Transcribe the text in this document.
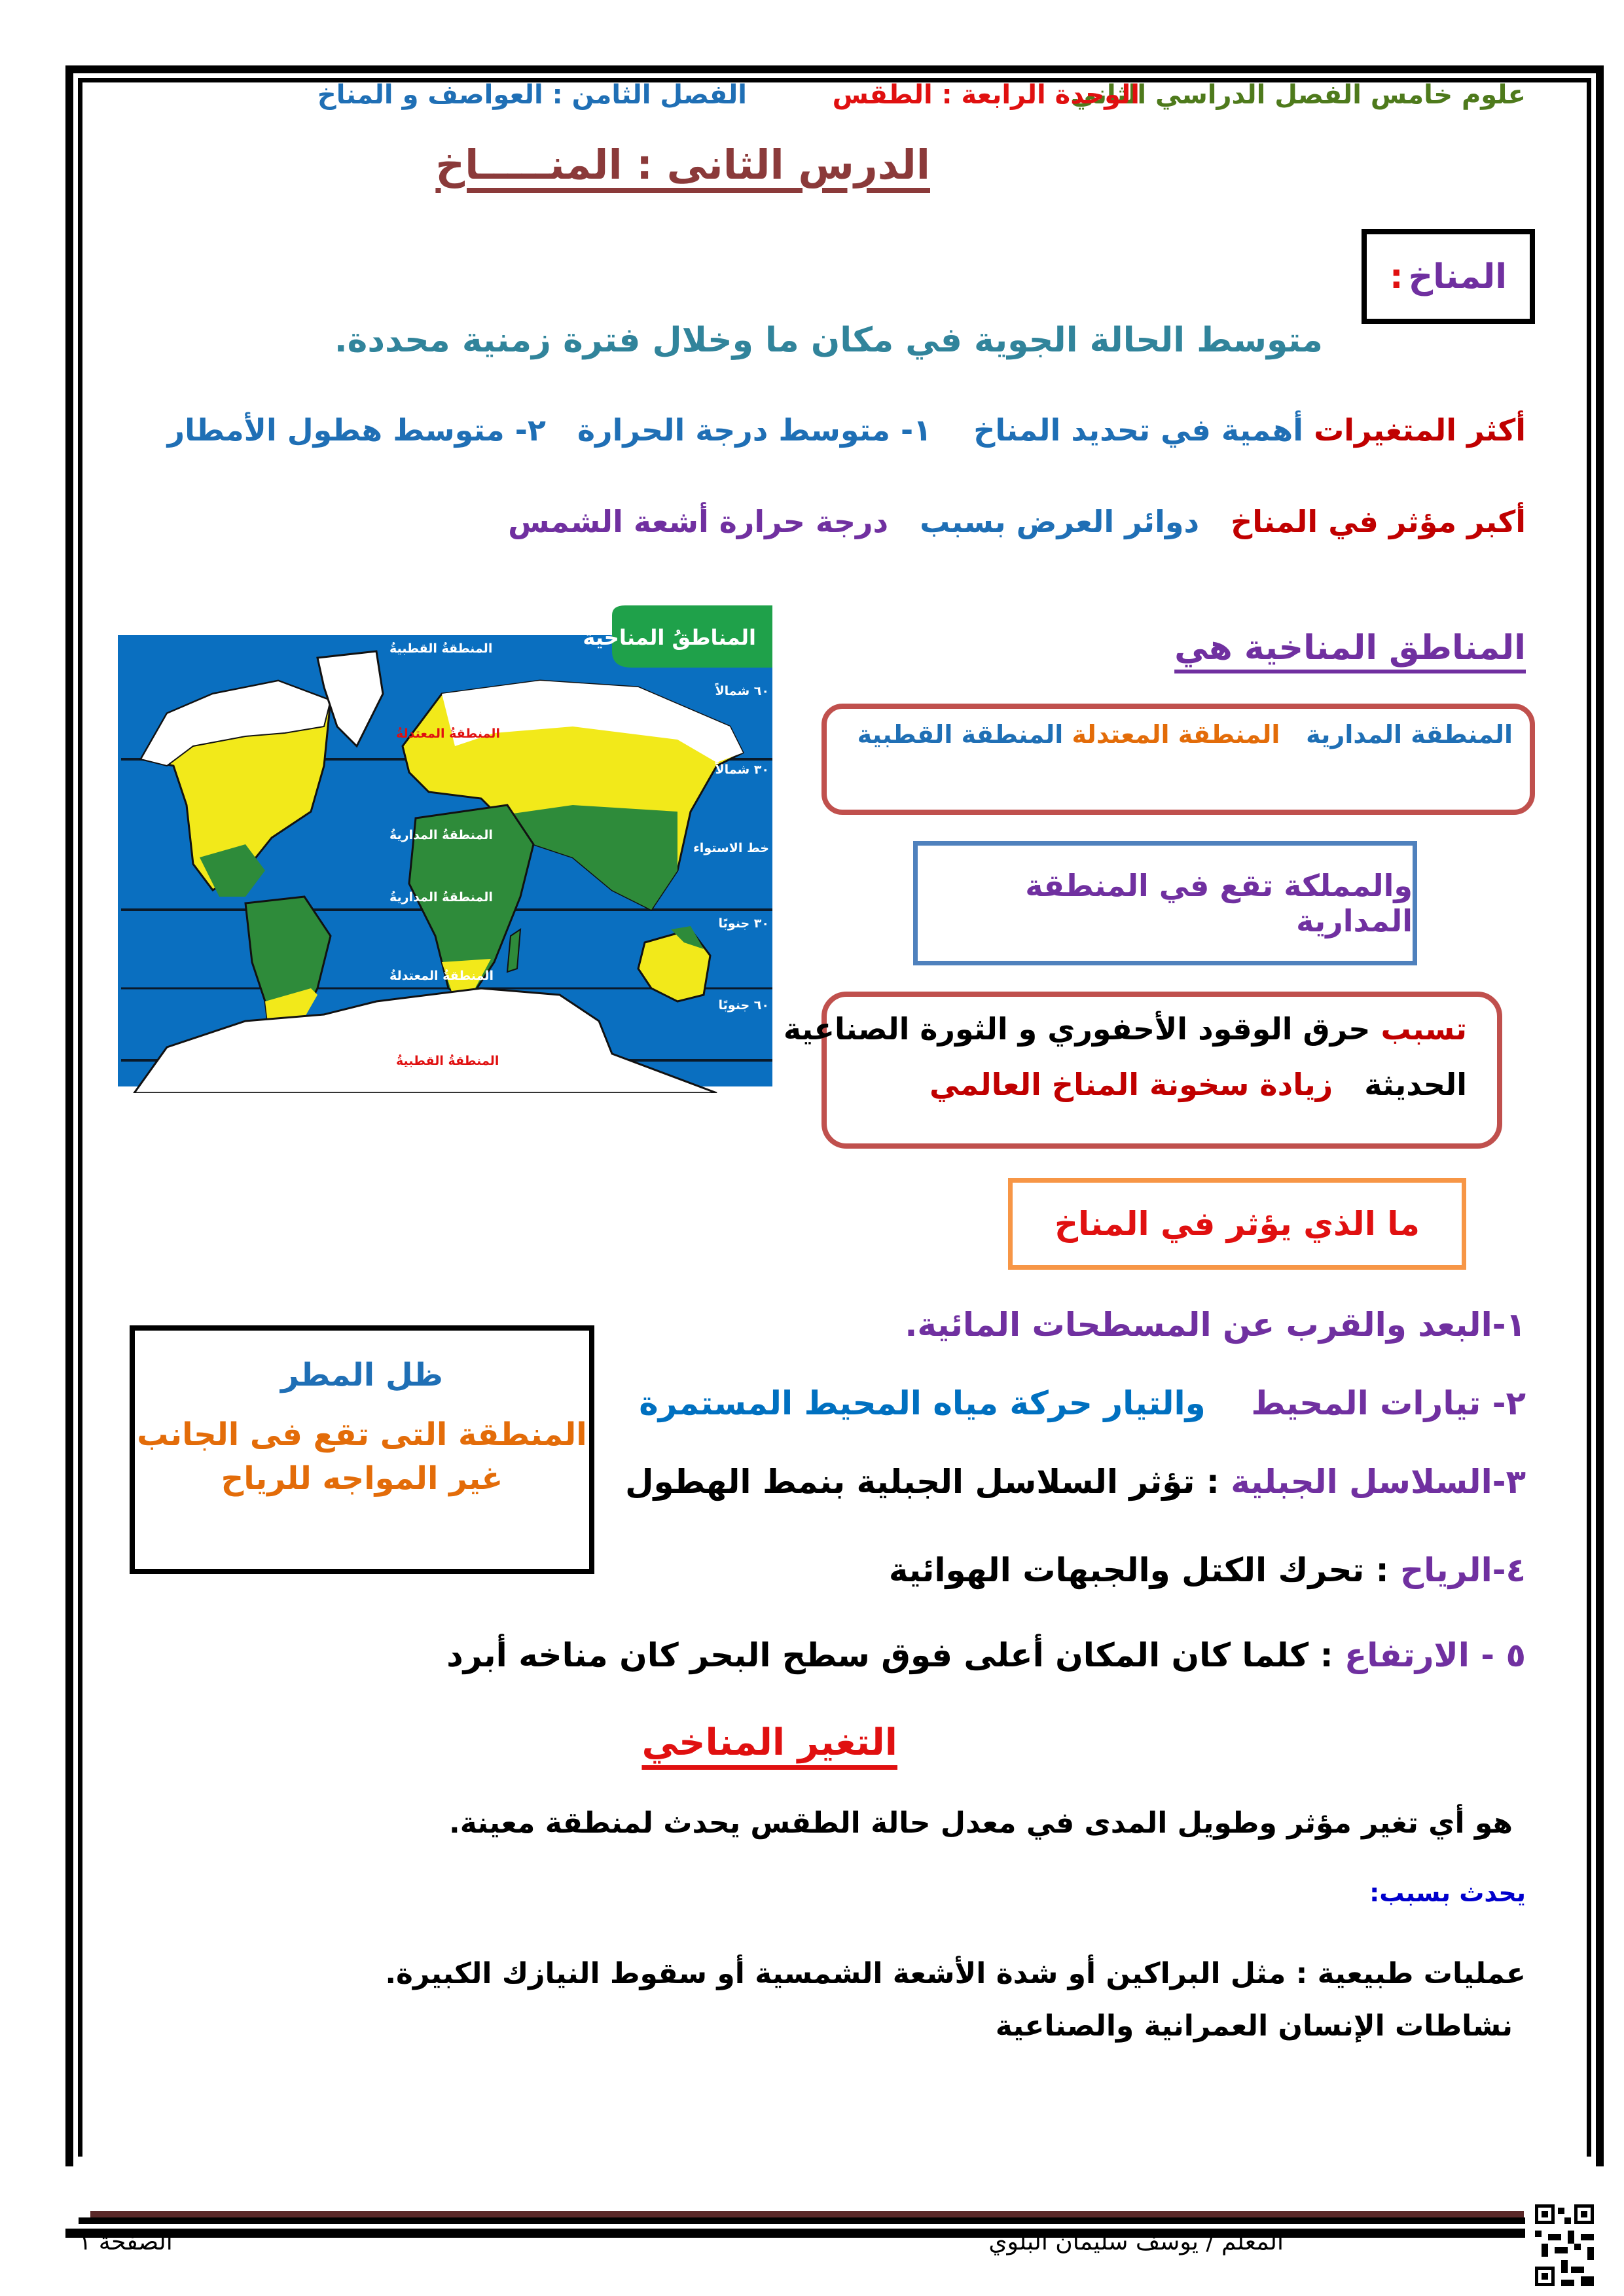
علوم خامس الفصل الدراسي الثاني
الوحدة الرابعة : الطقس
الفصل الثامن : العواصف و المناخ
الدرس الثانى : المنـــــاخ
المناخ
:
متوسط الحالة الجوية في مكان ما وخلال فترة زمنية محددة.
أكثر المتغيرات أهمية في تحديد المناخ    ١- متوسط درجة الحرارة   ٢- متوسط هطول الأمطار
أكبر مؤثر في المناخ   دوائر العرض بسبب   درجة حرارة أشعة الشمس
المناطق المناخية هي
المنطقة المدارية   المنطقة المعتدلة المنطقة القطبية
والمملكة تقع في المنطقة المدارية
تسبب حرق الوقود الأحفوري و الثورة الصناعية
الحديثة   زيادة سخونة المناخ العالمي
المناطقُ المناخيةُ
المنطقةُ القطبيةُ
المنطقةُ المعتدلةُ
المنطقةُ المداريةُ
المنطقةُ المداريةُ
المنطقةُ المعتدلةُ
المنطقةُ القطبيةُ
٦٠ شمالاً
٣٠ شمالاً
خط الاستواء
٣٠ جنوبًا
٦٠ جنوبًا
ما الذي يؤثر في المناخ
١-البعد والقرب عن المسطحات المائية.
٢- تيارات المحيط    والتيار حركة مياه المحيط المستمرة
٣-السلاسل الجبلية : تؤثر السلاسل الجبلية بنمط الهطول
٤-الرياح : تحرك الكتل والجبهات الهوائية
٥ - الارتفاع : كلما كان المكان أعلى فوق سطح البحر كان مناخه أبرد
ظل المطر
المنطقة التى تقع فى الجانب
غير المواجه للرياح
التغير المناخي
هو أي تغير مؤثر وطويل المدى في معدل حالة الطقس يحدث لمنطقة معينة.
يحدث بسبب:
عمليات طبيعية : مثل البراكين أو شدة الأشعة الشمسية أو سقوط النيازك الكبيرة.
نشاطات الإنسان العمرانية والصناعية
المعلم / يوسف سليمان البلوي
الصفحة ١
